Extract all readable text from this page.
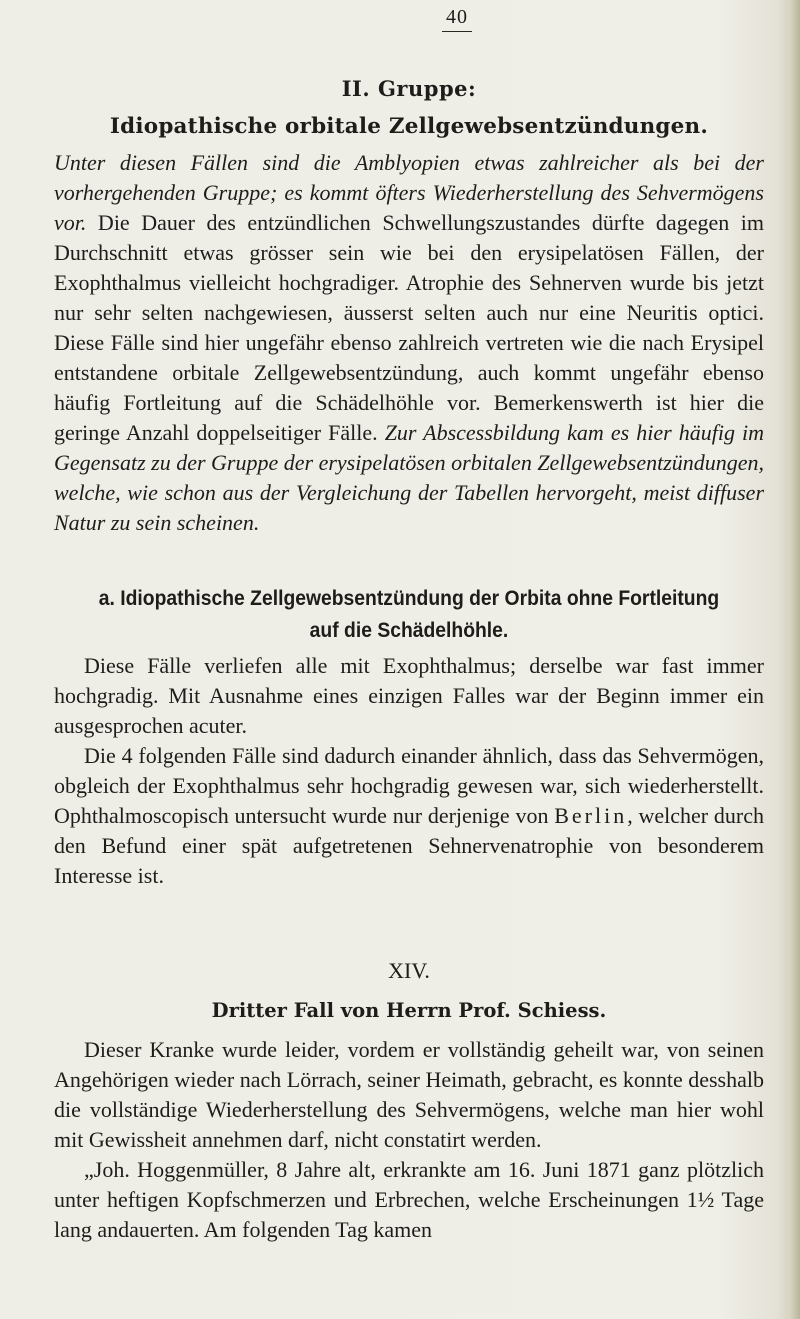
40
II. Gruppe:
Idiopathische orbitale Zellgewebsentzündungen.
Unter diesen Fällen sind die Amblyopien etwas zahlreicher als bei der vorhergehenden Gruppe; es kommt öfters Wiederherstellung des Sehvermögens vor. Die Dauer des entzündlichen Schwellungszustandes dürfte dagegen im Durchschnitt etwas grösser sein wie bei den erysipelatösen Fällen, der Exophthalmus vielleicht hochgradiger. Atrophie des Sehnerven wurde bis jetzt nur sehr selten nachgewiesen, äusserst selten auch nur eine Neuritis optici. Diese Fälle sind hier ungefähr ebenso zahlreich vertreten wie die nach Erysipel entstandene orbitale Zellgewebsentzündung, auch kommt ungefähr ebenso häufig Fortleitung auf die Schädelhöhle vor. Bemerkenswerth ist hier die geringe Anzahl doppelseitiger Fälle. Zur Abscessbildung kam es hier häufig im Gegensatz zu der Gruppe der erysipelatösen orbitalen Zellgewebsentzündungen, welche, wie schon aus der Vergleichung der Tabellen hervorgeht, meist diffuser Natur zu sein scheinen.
a. Idiopathische Zellgewebsentzündung der Orbita ohne Fortleitung
auf die Schädelhöhle.
Diese Fälle verliefen alle mit Exophthalmus; derselbe war fast immer hochgradig. Mit Ausnahme eines einzigen Falles war der Beginn immer ein ausgesprochen acuter.
Die 4 folgenden Fälle sind dadurch einander ähnlich, dass das Sehvermögen, obgleich der Exophthalmus sehr hochgradig gewesen war, sich wiederherstellt. Ophthalmoscopisch untersucht wurde nur derjenige von Berlin, welcher durch den Befund einer spät aufgetretenen Sehnervenatrophie von besonderem Interesse ist.
XIV.
Dritter Fall von Herrn Prof. Schiess.
Dieser Kranke wurde leider, vordem er vollständig geheilt war, von seinen Angehörigen wieder nach Lörrach, seiner Heimath, gebracht, es konnte desshalb die vollständige Wiederherstellung des Sehvermögens, welche man hier wohl mit Gewissheit annehmen darf, nicht constatirt werden.
„Joh. Hoggenmüller, 8 Jahre alt, erkrankte am 16. Juni 1871 ganz plötzlich unter heftigen Kopfschmerzen und Erbrechen, welche Erscheinungen 1½ Tage lang andauerten. Am folgenden Tag kamen
